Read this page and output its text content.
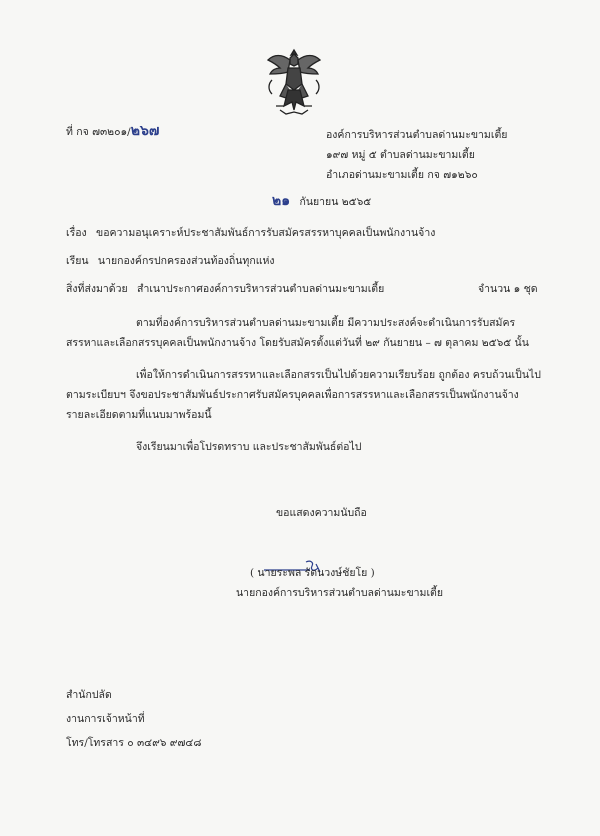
ที่ กจ ๗๓๒๐๑/๒๖๗	องค์การบริหารส่วนตำบลด่านมะขามเตี้ย
๑๙๗ หมู่ ๕ ตำบลด่านมะขามเตี้ย
อำเภอด่านมะขามเตี้ย กจ ๗๑๒๖๐
๒๑ กันยายน ๒๕๖๕
เรื่อง ขอความอนุเคราะห์ประชาสัมพันธ์การรับสมัครสรรหาบุคคลเป็นพนักงานจ้าง
เรียน นายกองค์กรปกครองส่วนท้องถิ่นทุกแห่ง
สิ่งที่ส่งมาด้วย สำเนาประกาศองค์การบริหารส่วนตำบลด่านมะขามเตี้ย	จำนวน ๑ ชุด
ตามที่องค์การบริหารส่วนตำบลด่านมะขามเตี้ย มีความประสงค์จะดำเนินการรับสมัคร
สรรหาและเลือกสรรบุคคลเป็นพนักงานจ้าง โดยรับสมัครตั้งแต่วันที่ ๒๙ กันยายน – ๗ ตุลาคม ๒๕๖๕ นั้น
เพื่อให้การดำเนินการสรรหาและเลือกสรรเป็นไปด้วยความเรียบร้อย ถูกต้อง ครบถ้วนเป็นไป
ตามระเบียบฯ จึงขอประชาสัมพันธ์ประกาศรับสมัครบุคคลเพื่อการสรรหาและเลือกสรรเป็นพนักงานจ้าง
รายละเอียดตามที่แนบมาพร้อมนี้
จึงเรียนมาเพื่อโปรดทราบ และประชาสัมพันธ์ต่อไป
ขอแสดงความนับถือ
( นายระพล รัตนวงษ์ชัยโย )
นายกองค์การบริหารส่วนตำบลด่านมะขามเตี้ย
สำนักปลัด
งานการเจ้าหน้าที่
โทร/โทรสาร ๐ ๓๔๙๖ ๙๗๔๘
